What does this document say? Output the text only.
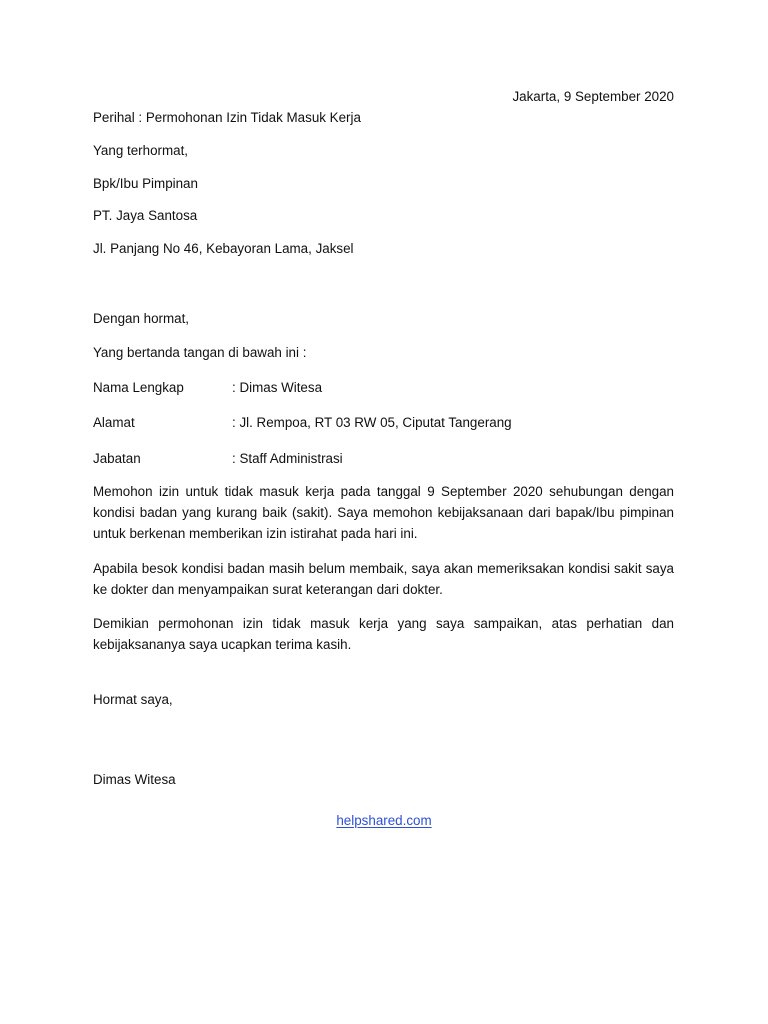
Jakarta, 9 September 2020
Perihal : Permohonan Izin Tidak Masuk Kerja
Yang terhormat,
Bpk/Ibu Pimpinan
PT. Jaya Santosa
Jl. Panjang No 46, Kebayoran Lama, Jaksel
Dengan hormat,
Yang bertanda tangan di bawah ini :
Nama Lengkap	: Dimas Witesa
Alamat	: Jl. Rempoa, RT 03 RW 05, Ciputat Tangerang
Jabatan	: Staff Administrasi
Memohon izin untuk tidak masuk kerja pada tanggal 9 September 2020 sehubungan dengan kondisi badan yang kurang baik (sakit). Saya memohon kebijaksanaan dari bapak/Ibu pimpinan untuk berkenan memberikan izin istirahat pada hari ini.
Apabila besok kondisi badan masih belum membaik, saya akan memeriksakan kondisi sakit saya ke dokter dan menyampaikan surat keterangan dari dokter.
Demikian permohonan izin tidak masuk kerja yang saya sampaikan, atas perhatian dan kebijaksananya saya ucapkan terima kasih.
Hormat saya,
Dimas Witesa
helpshared.com
